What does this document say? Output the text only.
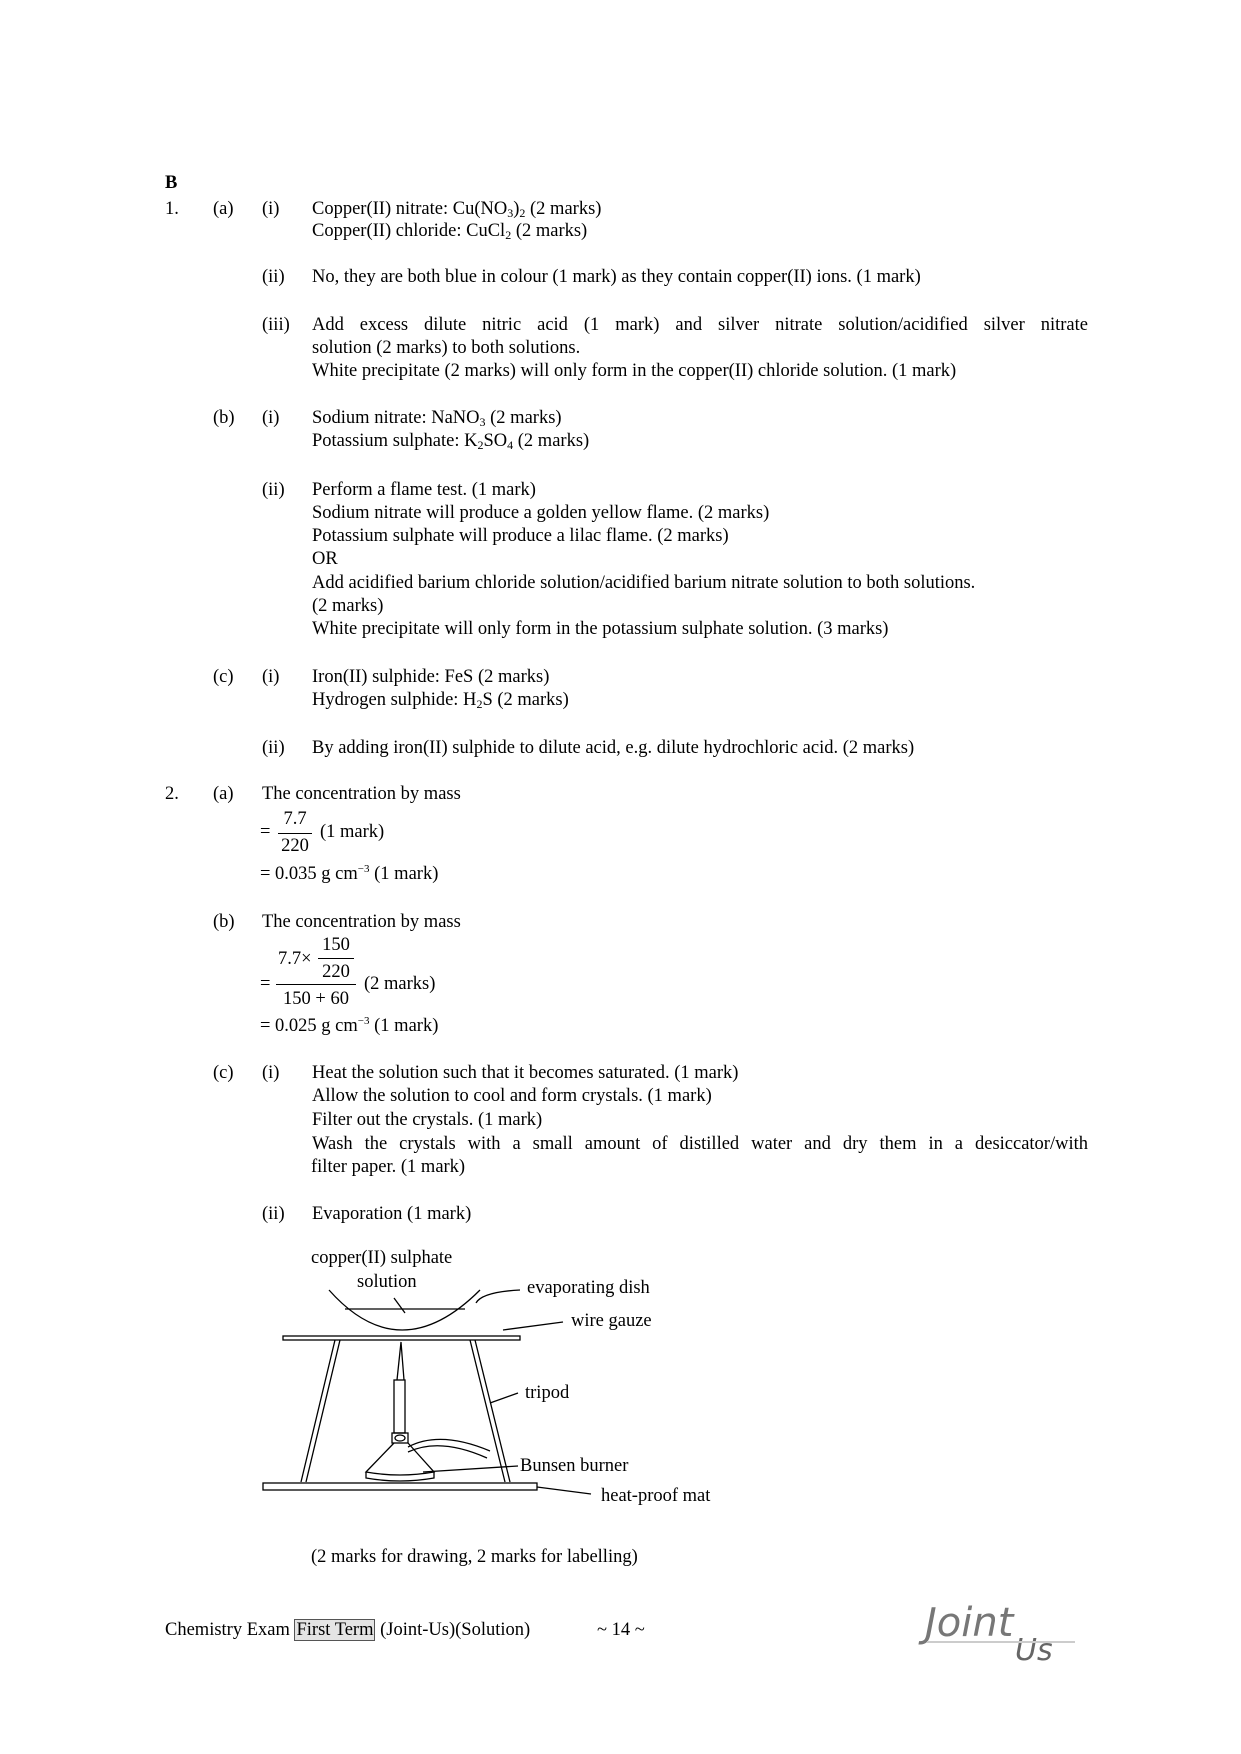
B
1. (a) (i) Copper(II) nitrate: $Cu(NO_3)_2$ (2 marks)
Copper(II) chloride: CuCl$_2$ (2 marks)
(ii) No, they are both blue in colour (1 mark) as they contain copper(II) ions. (1 mark)
(iii) Add excess dilute nitric acid (1 mark) and silver nitrate solution/acidified silver nitrate
solution (2 marks) to both solutions.
White precipitate (2 marks) will only form in the copper(II) chloride solution. (1 mark)
(b) (i) Sodium nitrate: NaNO$_3$ (2 marks)
Potassium sulphate: $K_2SO_4$ (2 marks)
(ii) Perform a flame test. (1 mark)
Sodium nitrate will produce a golden yellow flame. (2 marks)
Potassium sulphate will produce a lilac flame. (2 marks)
OR
Add acidified barium chloride solution/acidified barium nitrate solution to both solutions.
(2 marks)
White precipitate will only form in the potassium sulphate solution. (3 marks)
(c) (i) Iron(II) sulphide: FeS (2 marks)
Hydrogen sulphide: $H_2S$ (2 marks)
(ii) By adding iron(II) sulphide to dilute acid, e.g. dilute hydrochloric acid. (2 marks)
2. (a) The concentration by mass
=
7.7
220
(1 mark)
= 0.035 g $cm^{-3}$ (1 mark)
(b) The concentration by mass
150
7.7×
220
=
150 + 60
(2 marks)
= 0.025 g $cm^{-3}$ (1 mark)
(c) (i) Heat the solution such that it becomes saturated. (1 mark)
Allow the solution to cool and form crystals. (1 mark)
Filter out the crystals. (1 mark)
Wash the crystals with a small amount of distilled water and dry them in a desiccator/with
filter paper. (1 mark)
(ii) Evaporation (1 mark)
copper(II) sulphate
solution	evaporating dish
wire gauze
tripod
Bunsen burner
heat-proof mat
(2 marks for drawing, 2 marks for labelling)
Chemistry Exam First Term (Joint-Us)(Solution)	~ 14 ~	Joint
Us
